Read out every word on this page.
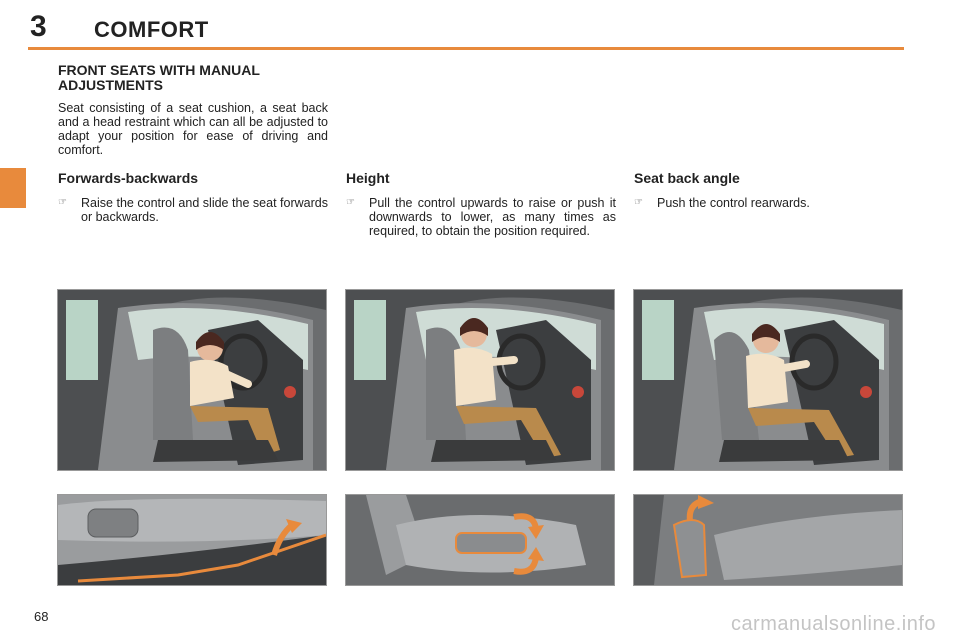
3 COMFORT
FRONT SEATS WITH MANUAL ADJUSTMENTS
Seat consisting of a seat cushion, a seat back and a head restraint which can all be adjusted to adapt your position for ease of driving and comfort.
Forwards-backwards
☞ Raise the control and slide the seat forwards or backwards.
Height
☞ Pull the control upwards to raise or push it downwards to lower, as many times as required, to obtain the position required.
Seat back angle
☞ Push the control rearwards.
68	carmanualsonline.info
